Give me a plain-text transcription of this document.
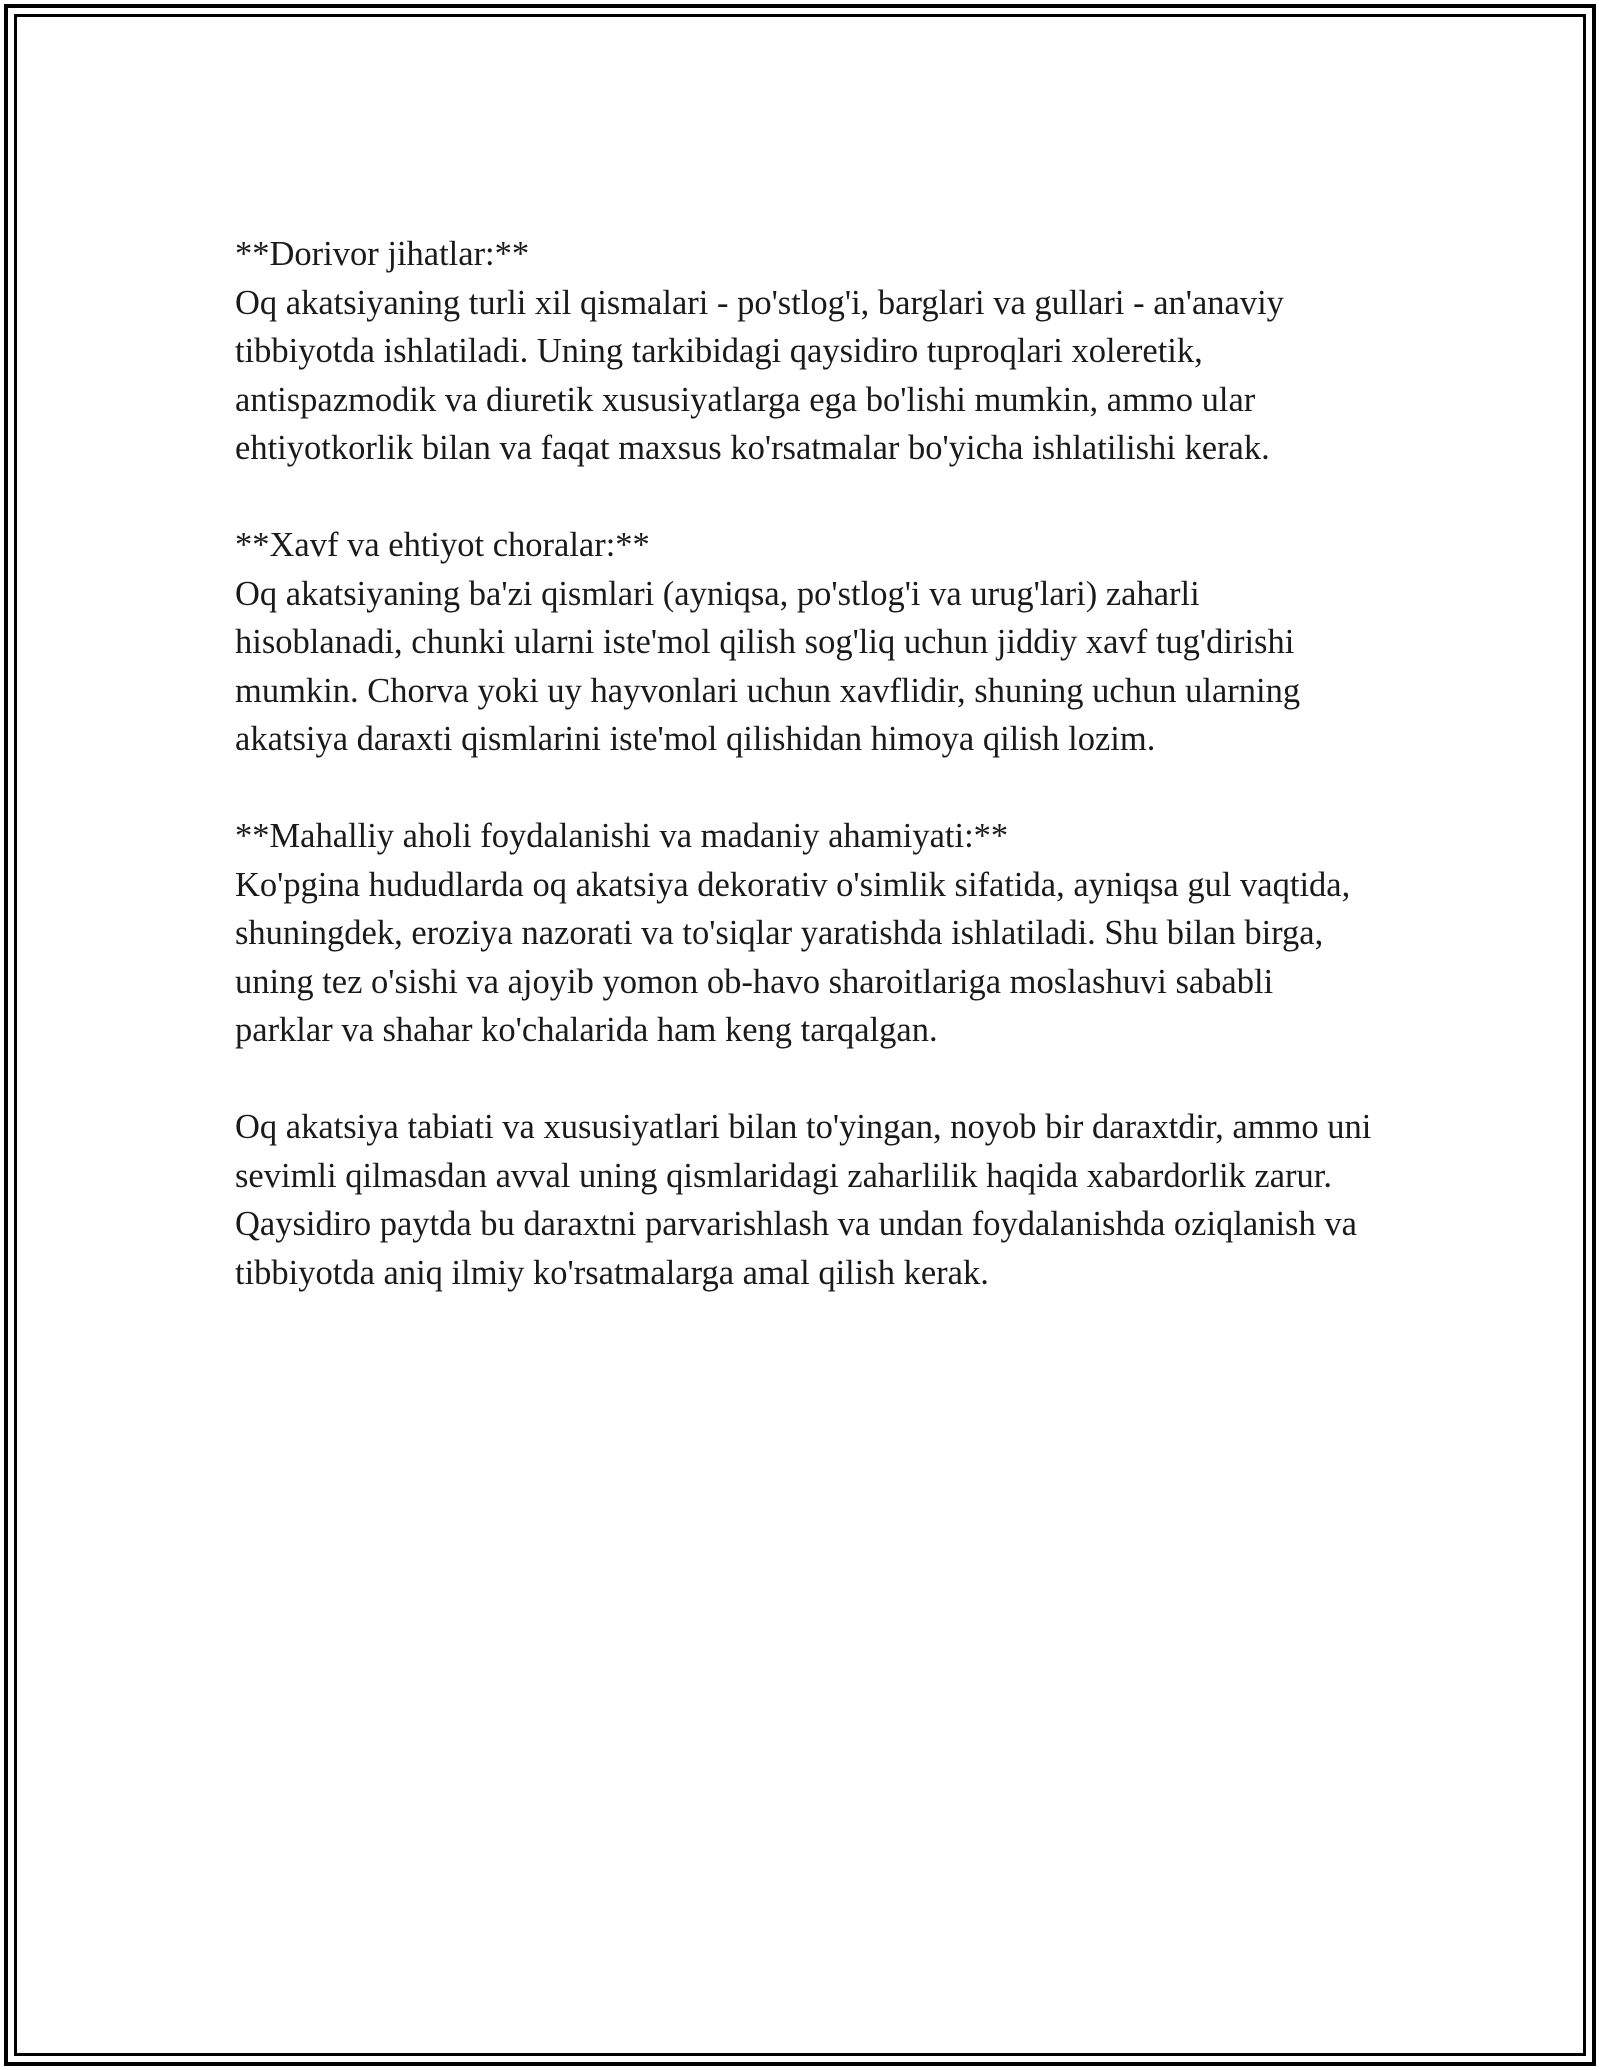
**Dorivor jihatlar:**
Oq akatsiyaning turli xil qismalari - po'stlog'i, barglari va gullari - an'anaviy tibbiyotda ishlatiladi. Uning tarkibidagi qaysidiro tuproqlari xoleretik, antispazmodik va diuretik xususiyatlarga ega bo'lishi mumkin, ammo ular ehtiyotkorlik bilan va faqat maxsus ko'rsatmalar bo'yicha ishlatilishi kerak.
**Xavf va ehtiyot choralar:**
Oq akatsiyaning ba'zi qismlari (ayniqsa, po'stlog'i va urug'lari) zaharli hisoblanadi, chunki ularni iste'mol qilish sog'liq uchun jiddiy xavf tug'dirishi mumkin. Chorva yoki uy hayvonlari uchun xavflidir, shuning uchun ularning akatsiya daraxti qismlarini iste'mol qilishidan himoya qilish lozim.
**Mahalliy aholi foydalanishi va madaniy ahamiyati:**
Ko'pgina hududlarda oq akatsiya dekorativ o'simlik sifatida, ayniqsa gul vaqtida, shuningdek, eroziya nazorati va to'siqlar yaratishda ishlatiladi. Shu bilan birga, uning tez o'sishi va ajoyib yomon ob-havo sharoitlariga moslashuvi sababli parklar va shahar ko'chalarida ham keng tarqalgan.
Oq akatsiya tabiati va xususiyatlari bilan to'yingan, noyob bir daraxtdir, ammo uni sevimli qilmasdan avval uning qismlaridagi zaharlilik haqida xabardorlik zarur. Qaysidiro paytda bu daraxtni parvarishlash va undan foydalanishda oziqlanish va tibbiyotda aniq ilmiy ko'rsatmalarga amal qilish kerak.
